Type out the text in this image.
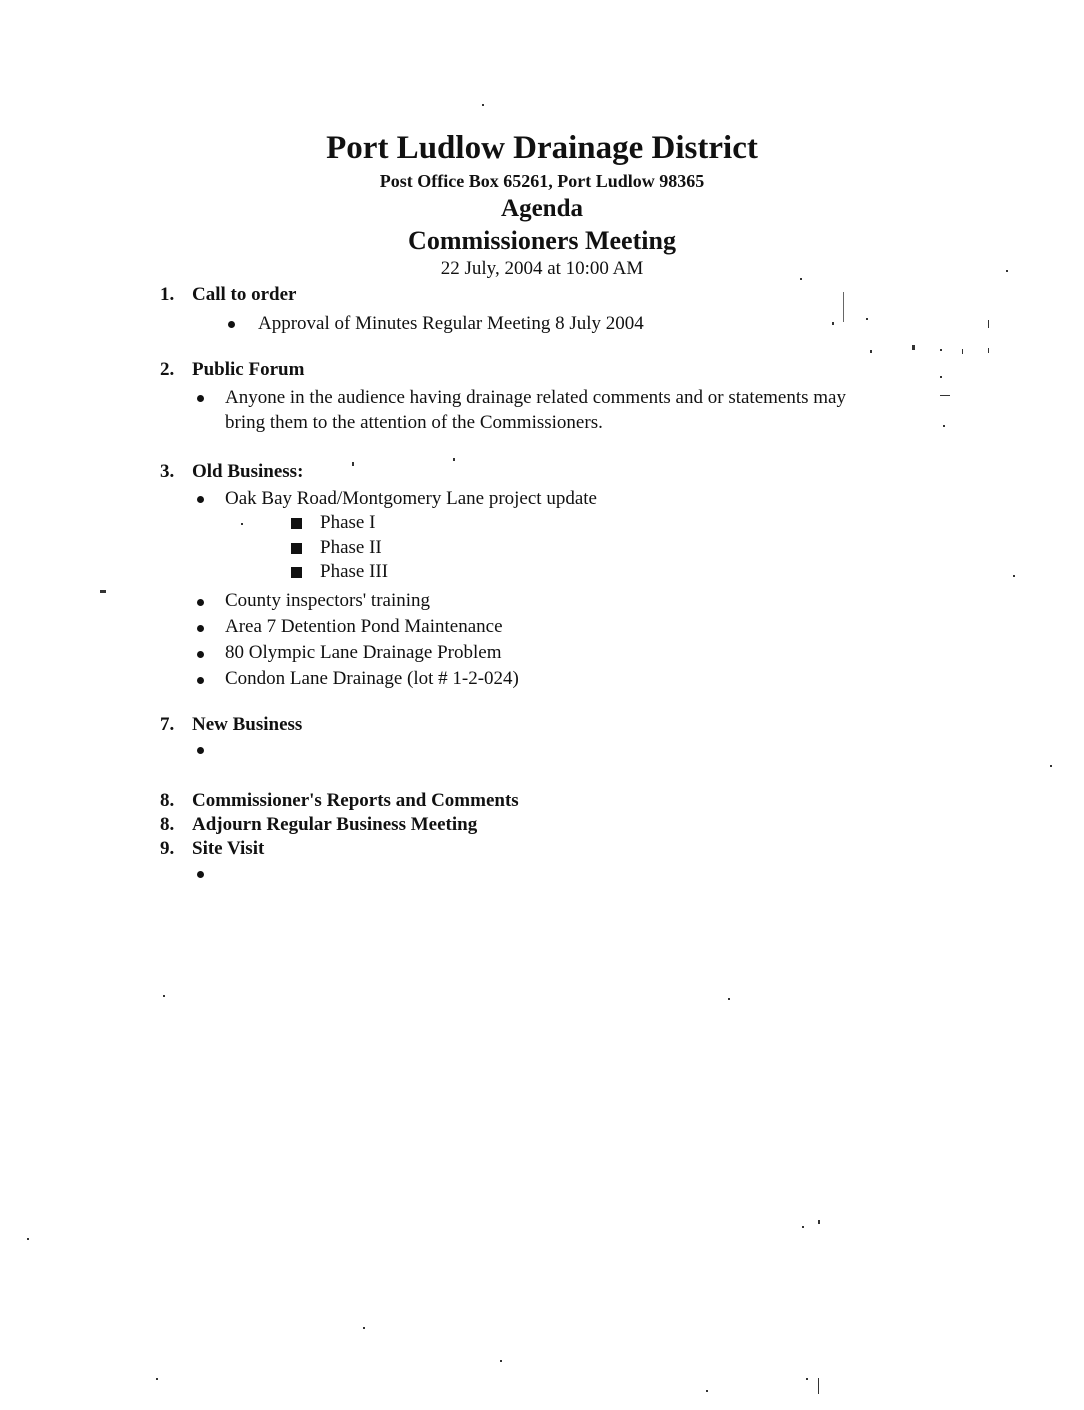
Port Ludlow Drainage District
Post Office Box 65261, Port Ludlow 98365
Agenda
Commissioners Meeting
22 July, 2004 at 10:00 AM
1. Call to order
Approval of Minutes Regular Meeting 8 July 2004
2. Public Forum
Anyone in the audience having drainage related comments and or statements may
bring them to the attention of the Commissioners.
3. Old Business:
Oak Bay Road/Montgomery Lane project update
Phase I
Phase II
Phase III
County inspectors' training
Area 7 Detention Pond Maintenance
80 Olympic Lane Drainage Problem
Condon Lane Drainage (lot # 1-2-024)
7. New Business
8. Commissioner's Reports and Comments
8. Adjourn Regular Business Meeting
9. Site Visit
